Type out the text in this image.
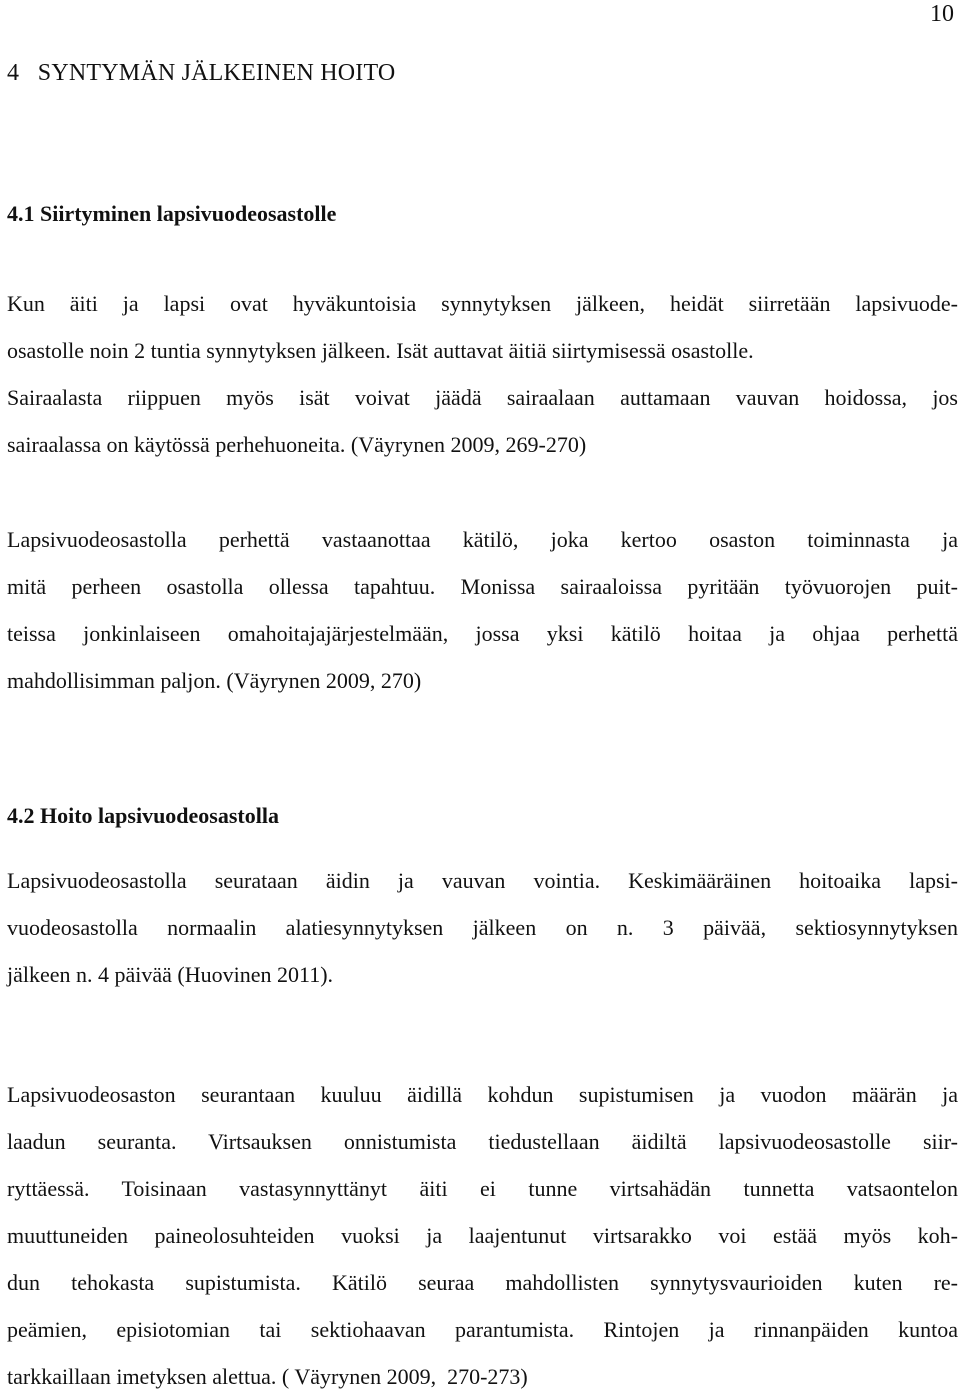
10
4   SYNTYMÄN JÄLKEINEN HOITO
4.1 Siirtyminen lapsivuodeosastolle
Kun äiti ja lapsi ovat hyväkuntoisia synnytyksen jälkeen, heidät siirretään lapsivuode-
osastolle noin 2 tuntia synnytyksen jälkeen. Isät auttavat äitiä siirtymisessä osastolle.
Sairaalasta riippuen myös isät voivat jäädä sairaalaan auttamaan vauvan hoidossa, jos
sairaalassa on käytössä perhehuoneita. (Väyrynen 2009, 269-270)
Lapsivuodeosastolla perhettä vastaanottaa kätilö, joka kertoo osaston toiminnasta ja
mitä perheen osastolla ollessa tapahtuu. Monissa sairaaloissa pyritään työvuorojen puit-
teissa jonkinlaiseen omahoitajajärjestelmään, jossa yksi kätilö hoitaa ja ohjaa perhettä
mahdollisimman paljon. (Väyrynen 2009, 270)
4.2 Hoito lapsivuodeosastolla
Lapsivuodeosastolla seurataan äidin ja vauvan vointia. Keskimääräinen hoitoaika lapsi-
vuodeosastolla normaalin alatiesynnytyksen jälkeen on n. 3 päivää, sektiosynnytyksen
jälkeen n. 4 päivää (Huovinen 2011).
Lapsivuodeosaston seurantaan kuuluu äidillä kohdun supistumisen ja vuodon määrän ja
laadun seuranta. Virtsauksen onnistumista tiedustellaan äidiltä lapsivuodeosastolle siir-
ryttäessä. Toisinaan vastasynnyttänyt äiti ei tunne virtsahädän tunnetta vatsaontelon
muuttuneiden paineolosuhteiden vuoksi ja laajentunut virtsarakko voi estää myös koh-
dun tehokasta supistumista. Kätilö seuraa mahdollisten synnytysvaurioiden kuten re-
peämien, episiotomian tai sektiohaavan parantumista. Rintojen ja rinnanpäiden kuntoa
tarkkaillaan imetyksen alettua. ( Väyrynen 2009,  270-273)
